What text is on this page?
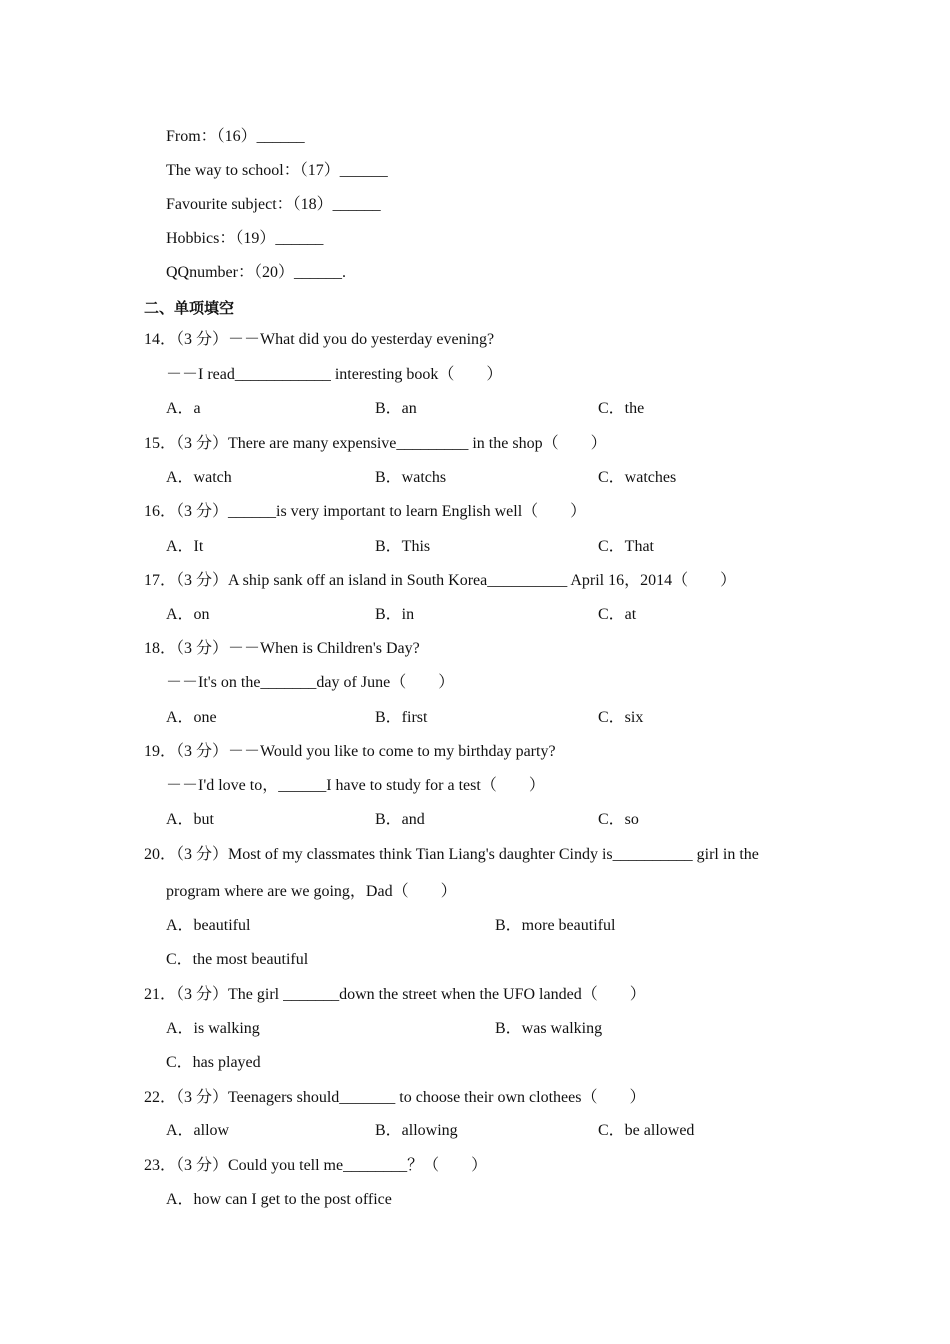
From：（16）______
The way to school：（17）______
Favourite subject：（18）______
Hobbics：（19）______
QQnumber：（20）______.
二、单项填空
14．（3 分）－－What did you do yesterday evening?
－－I read____________ interesting book（　　）
A．a	B．an	C．the
15．（3 分）There are many expensive_________ in the shop（　　）
A．watch	B．watchs	C．watches
16．（3 分）______is very important to learn English well（　　）
A．It	B．This	C．That
17．（3 分）A ship sank off an island in South Korea__________ April 16，2014（　　）
A．on	B．in	C．at
18．（3 分）－－When is Children's Day?
－－It's on the_______day of June（　　）
A．one	B．first	C．six
19．（3 分）－－Would you like to come to my birthday party?
－－I'd love to，______I have to study for a test（　　）
A．but	B．and	C．so
20．（3 分）Most of my classmates think Tian Liang's daughter Cindy is__________ girl in the
program where are we going，Dad（　　）
A．beautiful	B．more beautiful
C．the most beautiful
21．（3 分）The girl _______down the street when the UFO landed（　　）
A．is walking	B．was walking
C．has played
22．（3 分）Teenagers should_______ to choose their own clothees（　　）
A．allow	B．allowing	C．be allowed
23．（3 分）Could you tell me________？（　　）
A．how can I get to the post office
